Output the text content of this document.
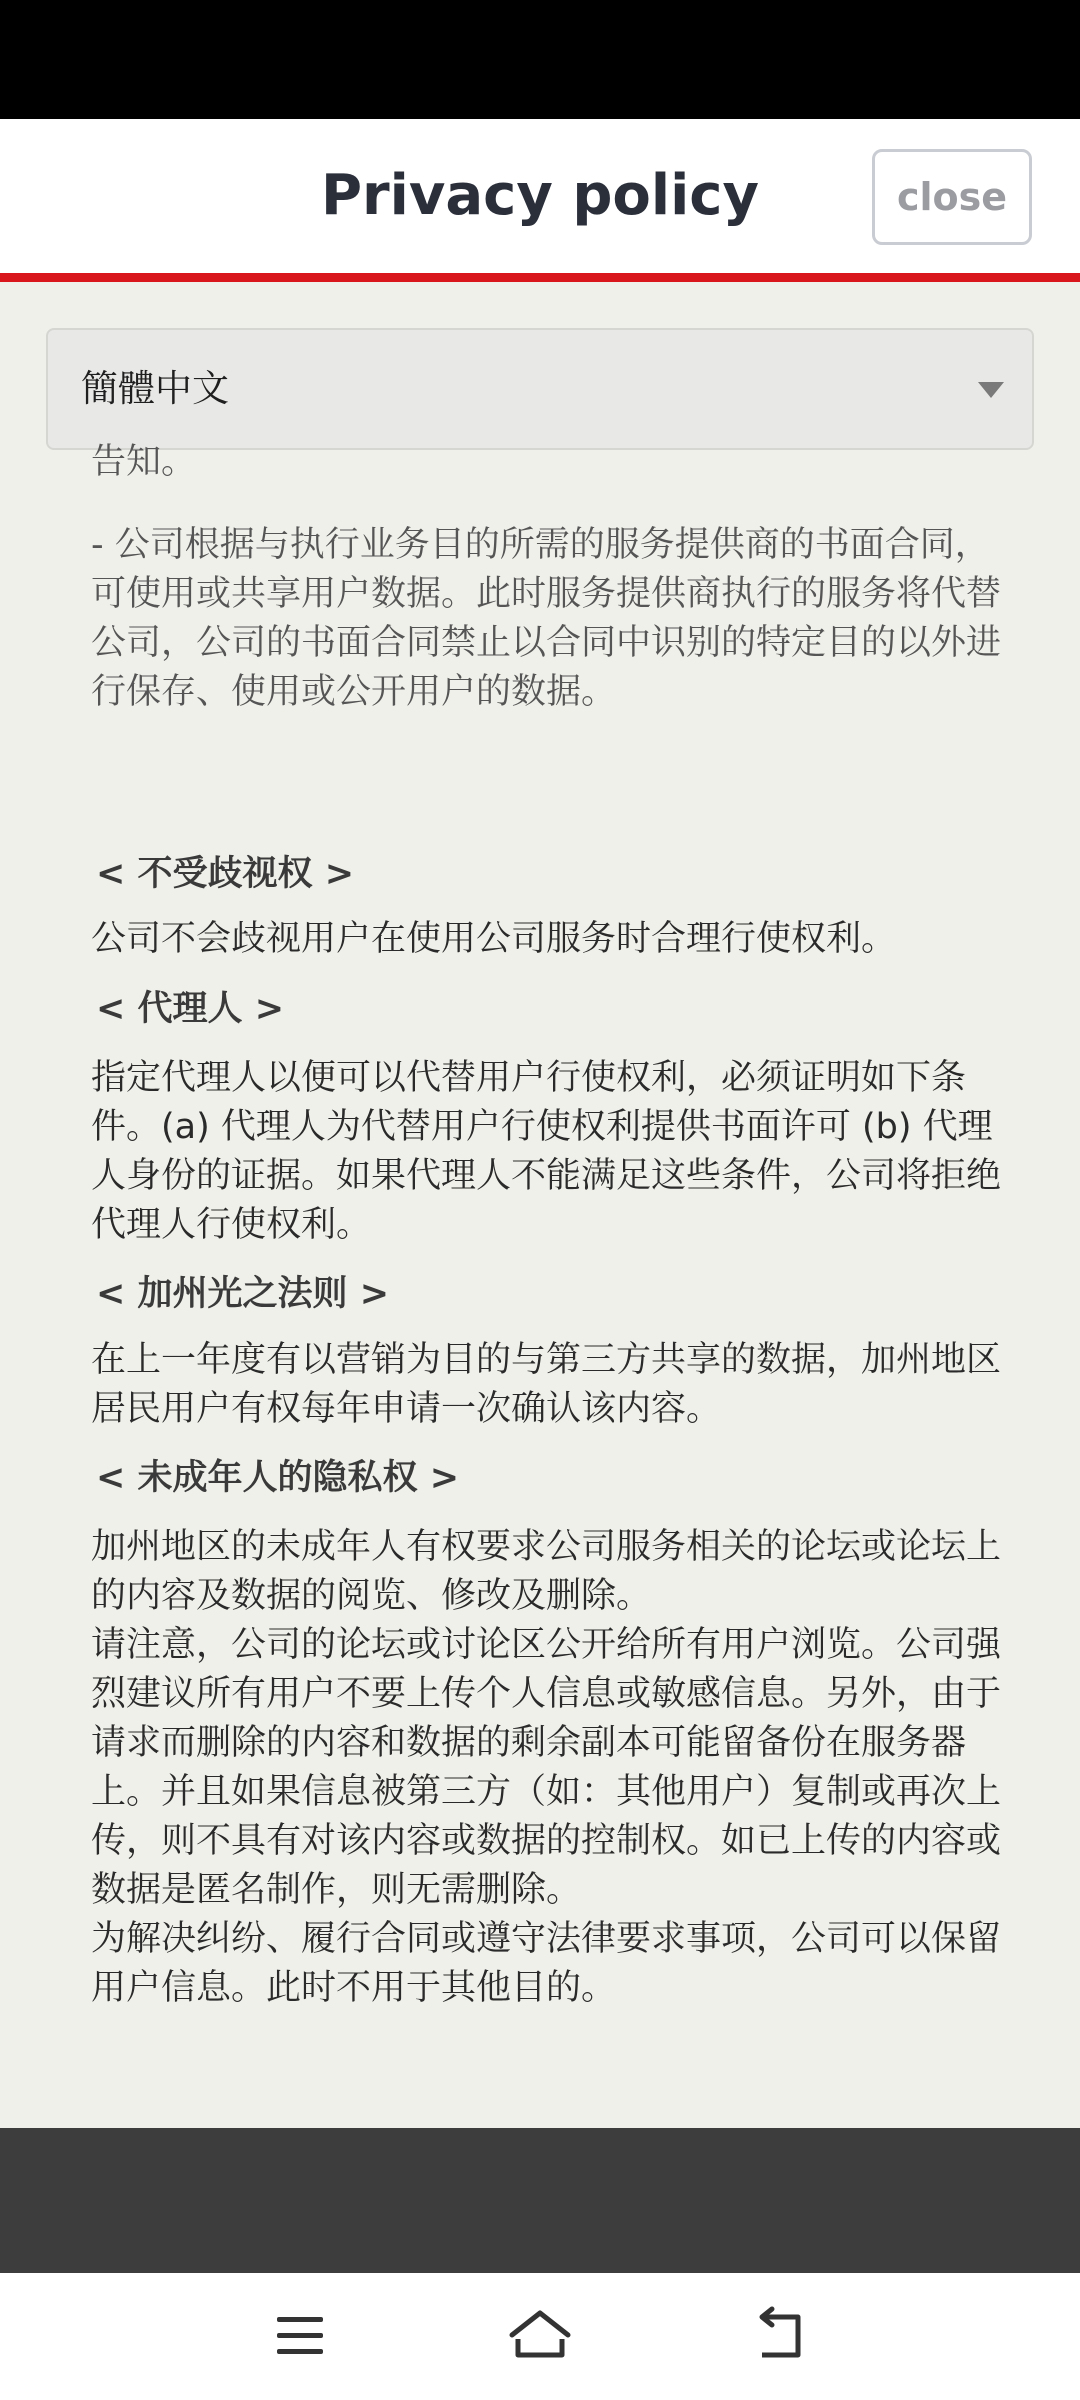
Privacy policy	close
簡體中文
告知。
- 公司根据与执行业务目的所需的服务提供商的书面合同，可使用或共享用户数据。此时服务提供商执行的服务将代替公司，公司的书面合同禁止以合同中识别的特定目的以外进行保存、使用或公开用户的数据。
< 不受歧视权 >
公司不会歧视用户在使用公司服务时合理行使权利。
< 代理人 >
指定代理人以便可以代替用户行使权利，必须证明如下条件。(a) 代理人为代替用户行使权利提供书面许可 (b) 代理人身份的证据。如果代理人不能满足这些条件，公司将拒绝代理人行使权利。
< 加州光之法则 >
在上一年度有以营销为目的与第三方共享的数据，加州地区居民用户有权每年申请一次确认该内容。
< 未成年人的隐私权 >
加州地区的未成年人有权要求公司服务相关的论坛或论坛上的内容及数据的阅览、修改及删除。
请注意，公司的论坛或讨论区公开给所有用户浏览。公司强烈建议所有用户不要上传个人信息或敏感信息。另外，由于请求而删除的内容和数据的剩余副本可能留备份在服务器上。并且如果信息被第三方（如：其他用户）复制或再次上传，则不具有对该内容或数据的控制权。如已上传的内容或数据是匿名制作，则无需删除。
为解决纠纷、履行合同或遵守法律要求事项，公司可以保留用户信息。此时不用于其他目的。
